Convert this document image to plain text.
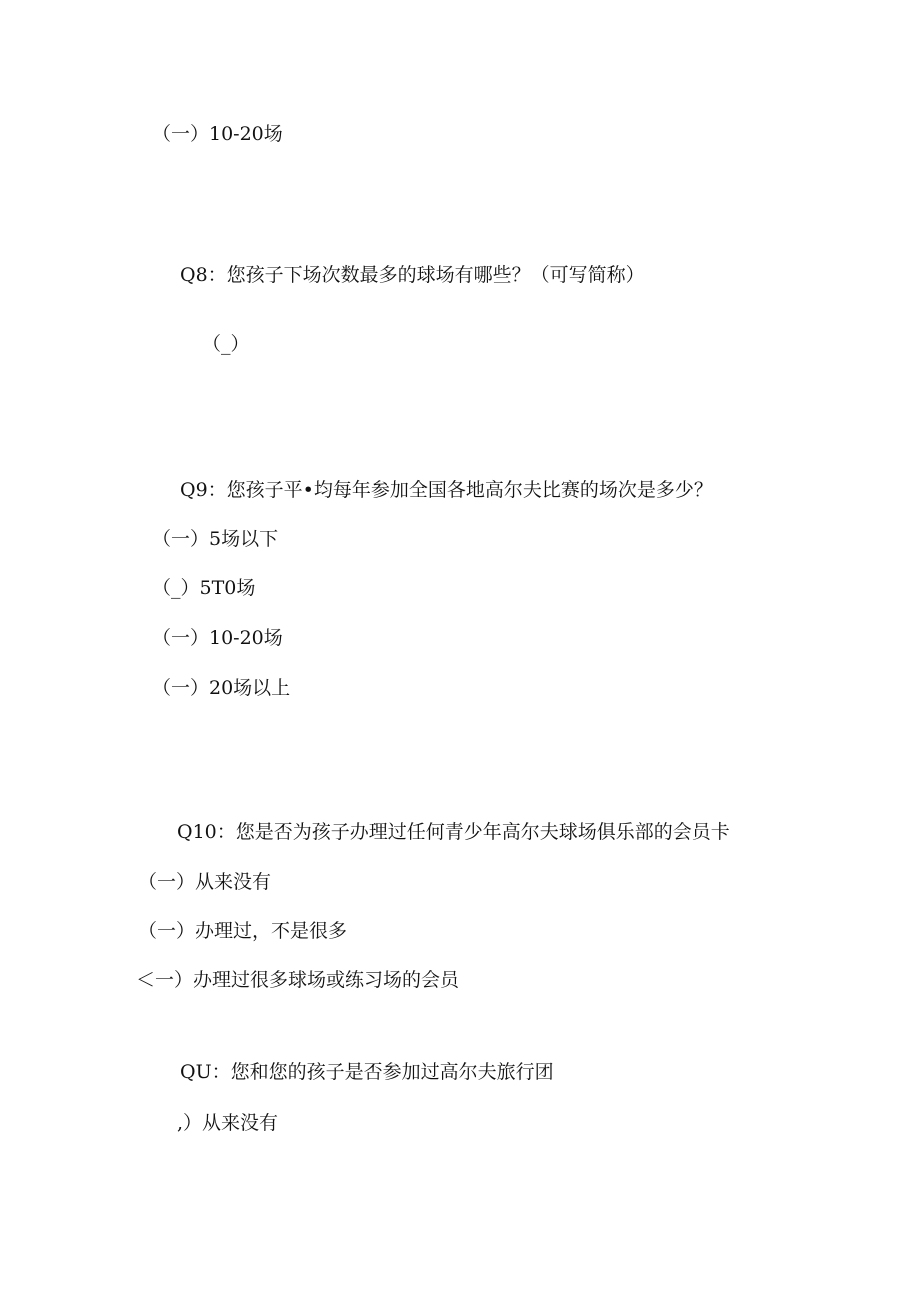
（一）10-20场

Q8：您孩子下场次数最多的球场有哪些？（可写简称）

（_）

Q9：您孩子平•均每年参加全国各地高尔夫比赛的场次是多少？

（一）5场以下

（_）5T0场

（一）10-20场

（一）20场以上

Q10：您是否为孩子办理过任何青少年高尔夫球场俱乐部的会员卡

（一）从来没有

（一）办理过，不是很多

＜一）办理过很多球场或练习场的会员

QU：您和您的孩子是否参加过高尔夫旅行团

,）从来没有
